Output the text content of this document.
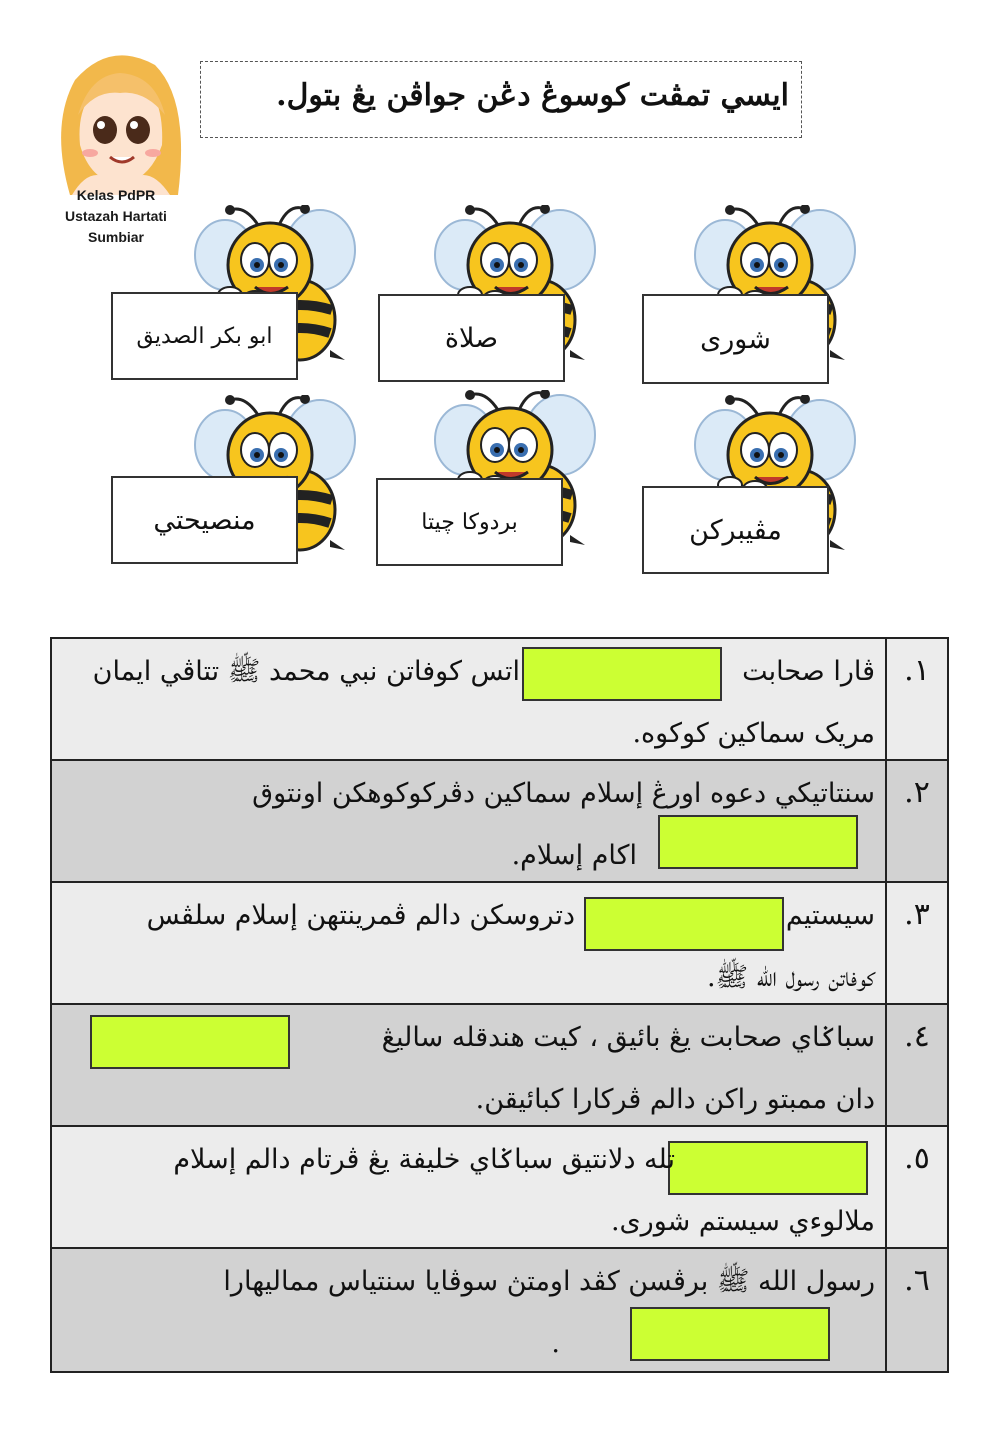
Kelas PdPR
Ustazah Hartati
Sumbiar
ايسي تمڤت كوسوڠ دڠن جواڤن يڠ بتول.
شورى
صلاة
ابو بكر الصديق
مڤيبركن
بردوكا چيتا
منصيحتي
ڤارا صحابت
اتس كوفاتن نبي محمد ﷺ تتاڤي ايمان
مريک سماکين كوكوه.	١.

سنتاتيكي دعوه اورڠ إسلام سماکين دڤركوكوهكن اونتوق
اكام إسلام.	٢.

سيستيم
دتروسكن دالم ڤمرينتهن إسلام سلڤس
كوفاتن رسول الله ﷺ.	٣.

سباݢاي صحابت يڠ بائيق ، كيت هندقله ساليڠ
دان ممبتو راكن دالم ڤركارا كبائيقن.	٤.

تله دلانتيق سباݢاي خليفة يڠ ڤرتام دالم إسلام
ملالوءي سيستم شورى.	٥.

رسول الله ﷺ برڤسن كڤد اومتڽ سوڤايا سنتياس مماليهارا
.	٦.
